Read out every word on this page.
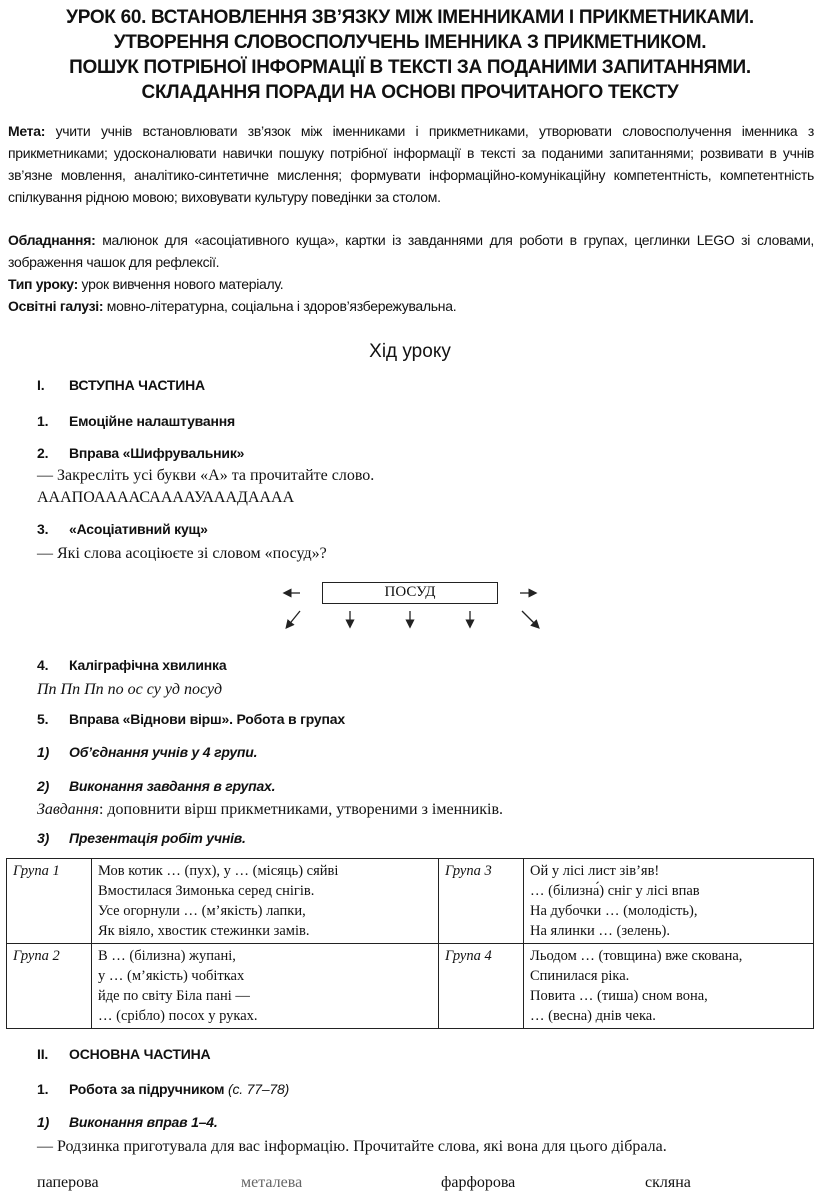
УРОК 60. ВСТАНОВЛЕННЯ ЗВ’ЯЗКУ МІЖ ІМЕННИКАМИ І ПРИКМЕТНИКАМИ.
УТВОРЕННЯ СЛОВОСПОЛУЧЕНЬ ІМЕННИКА З ПРИКМЕТНИКОМ.
ПОШУК ПОТРІБНОЇ ІНФОРМАЦІЇ В ТЕКСТІ ЗА ПОДАНИМИ ЗАПИТАННЯМИ.
СКЛАДАННЯ ПОРАДИ НА ОСНОВІ ПРОЧИТАНОГО ТЕКСТУ
Мета: учити учнів встановлювати зв’язок між іменниками і прикметниками, утворювати словосполучення іменника з прикметниками; удосконалювати навички пошуку потрібної інформації в тексті за поданими запитаннями; розвивати в учнів зв’язне мовлення, аналітико-синтетичне мислення; формувати інформаційно-комунікаційну компетентність, компетентність спілкування рідною мовою; виховувати культуру поведінки за столом.
Обладнання: малюнок для «асоціативного куща», картки із завданнями для роботи в групах, цеглинки LEGO зі словами, зображення чашок для рефлексії.
Тип уроку: урок вивчення нового матеріалу.
Освітні галузі: мовно-літературна, соціальна і здоров’язбережувальна.
Хід уроку
I. ВСТУПНА ЧАСТИНА
1. Емоційне налаштування
2. Вправа «Шифрувальник»
— Закресліть усі букви «А» та прочитайте слово.
АААПОААААСААААУАААДАААА
3. «Асоціативний кущ»
— Які слова асоціюєте зі словом «посуд»?
ПОСУД
4. Каліграфічна хвилинка
Пп Пп Пп по ос су уд посуд
5. Вправа «Віднови вірш». Робота в групах
1) Об’єднання учнів у 4 групи.
2) Виконання завдання в групах.
Завдання: доповнити вірш прикметниками, утвореними з іменників.
3) Презентація робіт учнів.
Група 1	Мов котик … (пух), у … (місяць) сяйві
Вмостилася Зимонька серед снігів.
Усе огорнули … (м’якість) лапки,
Як віяло, хвостик стежинки замів.	Група 3	Ой у лісі лист зів’яв!
… (білизна́) сніг у лісі впав
На дубочки … (молодість),
На ялинки … (зелень).

Група 2	В … (білизна) жупані,
у … (м’якість) чобітках
йде по світу Біла пані —
… (срібло) посох у руках.	Група 4	Льодом … (товщина) вже скована,
Спинилася ріка.
Повита … (тиша) сном вона,
… (весна) днів чека.
II. ОСНОВНА ЧАСТИНА
1. Робота за підручником (с. 77–78)
1) Виконання вправ 1–4.
— Родзинка приготувала для вас інформацію. Прочитайте слова, які вона для цього дібрала.
паперова	металева	фарфорова	скляна
